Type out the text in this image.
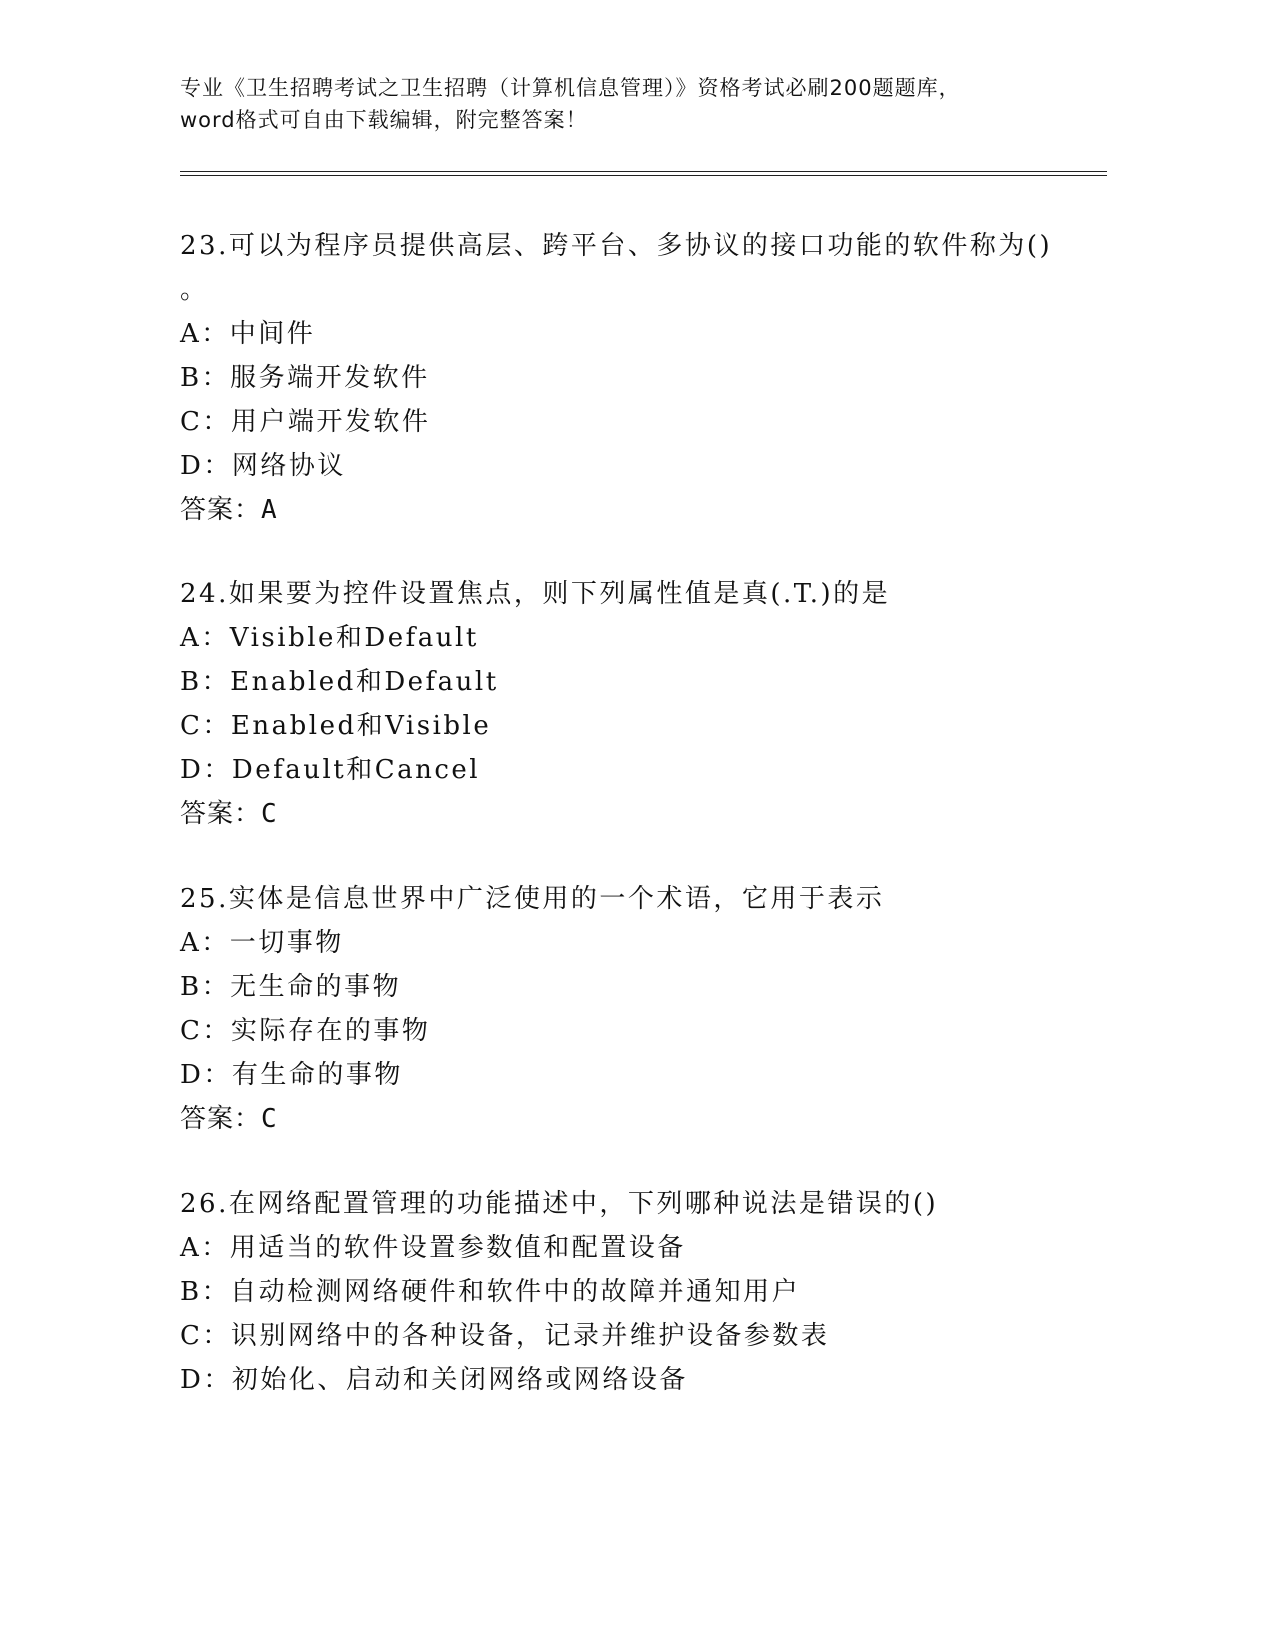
专业《卫生招聘考试之卫生招聘（计算机信息管理）》资格考试必刷200题题库，
word格式可自由下载编辑，附完整答案！
23.可以为程序员提供高层、跨平台、多协议的接口功能的软件称为()
。
A：中间件
B：服务端开发软件
C：用户端开发软件
D：网络协议
答案：A
24.如果要为控件设置焦点，则下列属性值是真(.T.)的是
A：Visible和Default
B：Enabled和Default
C：Enabled和Visible
D：Default和Cancel
答案：C
25.实体是信息世界中广泛使用的一个术语，它用于表示
A：一切事物
B：无生命的事物
C：实际存在的事物
D：有生命的事物
答案：C
26.在网络配置管理的功能描述中，下列哪种说法是错误的()
A：用适当的软件设置参数值和配置设备
B：自动检测网络硬件和软件中的故障并通知用户
C：识别网络中的各种设备，记录并维护设备参数表
D：初始化、启动和关闭网络或网络设备
